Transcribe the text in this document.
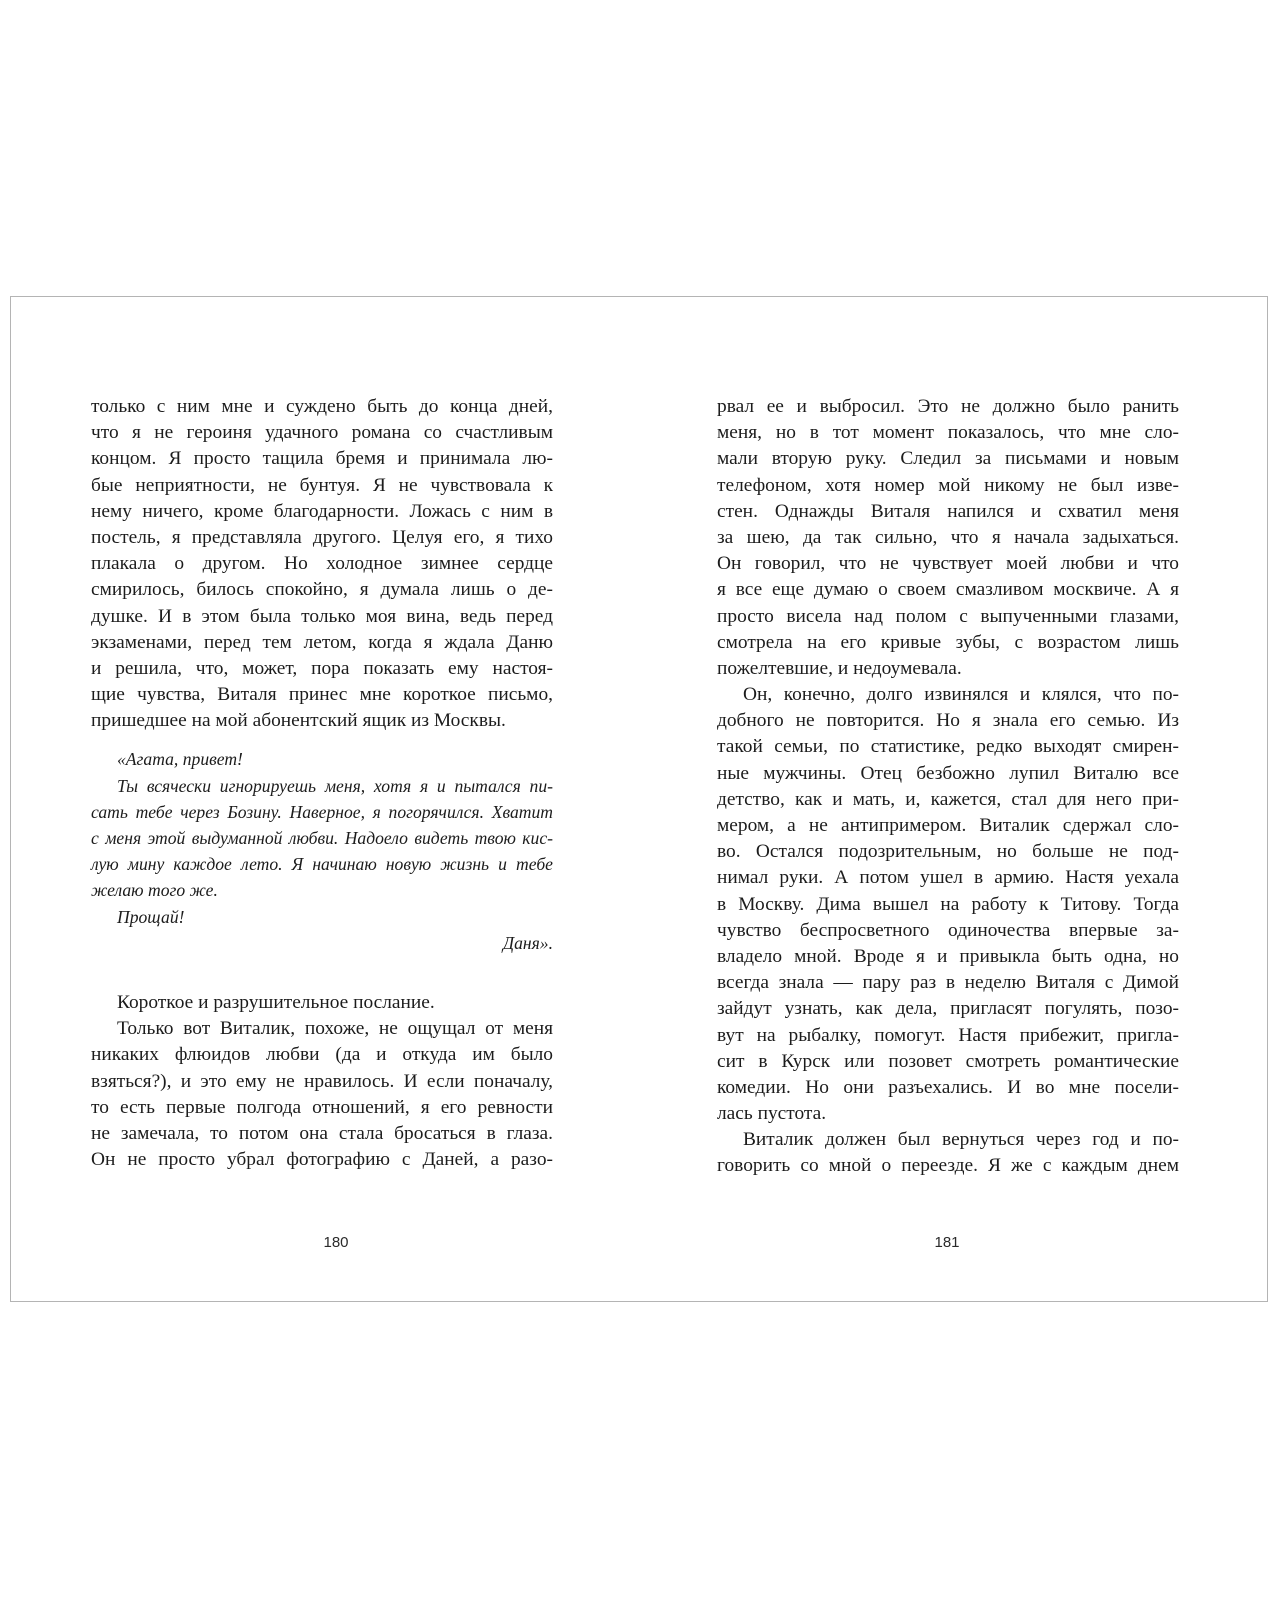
только с ним мне и суждено быть до конца дней,
что я не героиня удачного романа со счастливым
концом. Я просто тащила бремя и принимала лю-
бые неприятности, не бунтуя. Я не чувствовала к
нему ничего, кроме благодарности. Ложась с ним в
постель, я представляла другого. Целуя его, я тихо
плакала о другом. Но холодное зимнее сердце
смирилось, билось спокойно, я думала лишь о де-
душке. И в этом была только моя вина, ведь перед
экзаменами, перед тем летом, когда я ждала Даню
и решила, что, может, пора показать ему настоя-
щие чувства, Виталя принес мне короткое письмо,
пришедшее на мой абонентский ящик из Москвы.
«Агата, привет!
Ты всячески игнорируешь меня, хотя я и пытался пи-
сать тебе через Бозину. Наверное, я погорячился. Хватит
с меня этой выдуманной любви. Надоело видеть твою кис-
лую мину каждое лето. Я начинаю новую жизнь и тебе
желаю того же.
Прощай!
Даня».
Короткое и разрушительное послание.
Только вот Виталик, похоже, не ощущал от меня
никаких флюидов любви (да и откуда им было
взяться?), и это ему не нравилось. И если поначалу,
то есть первые полгода отношений, я его ревности
не замечала, то потом она стала бросаться в глаза.
Он не просто убрал фотографию с Даней, а разо-
180
рвал ее и выбросил. Это не должно было ранить
меня, но в тот момент показалось, что мне сло-
мали вторую руку. Следил за письмами и новым
телефоном, хотя номер мой никому не был изве-
стен. Однажды Виталя напился и схватил меня
за шею, да так сильно, что я начала задыхаться.
Он говорил, что не чувствует моей любви и что
я все еще думаю о своем смазливом москвиче. А я
просто висела над полом с выпученными глазами,
смотрела на его кривые зубы, с возрастом лишь
пожелтевшие, и недоумевала.
Он, конечно, долго извинялся и клялся, что по-
добного не повторится. Но я знала его семью. Из
такой семьи, по статистике, редко выходят смирен-
ные мужчины. Отец безбожно лупил Виталю все
детство, как и мать, и, кажется, стал для него при-
мером, а не антипримером. Виталик сдержал сло-
во. Остался подозрительным, но больше не под-
нимал руки. А потом ушел в армию. Настя уехала
в Москву. Дима вышел на работу к Титову. Тогда
чувство беспросветного одиночества впервые за-
владело мной. Вроде я и привыкла быть одна, но
всегда знала — пару раз в неделю Виталя с Димой
зайдут узнать, как дела, пригласят погулять, позо-
вут на рыбалку, помогут. Настя прибежит, пригла-
сит в Курск или позовет смотреть романтические
комедии. Но они разъехались. И во мне посели-
лась пустота.
Виталик должен был вернуться через год и по-
говорить со мной о переезде. Я же с каждым днем
181
